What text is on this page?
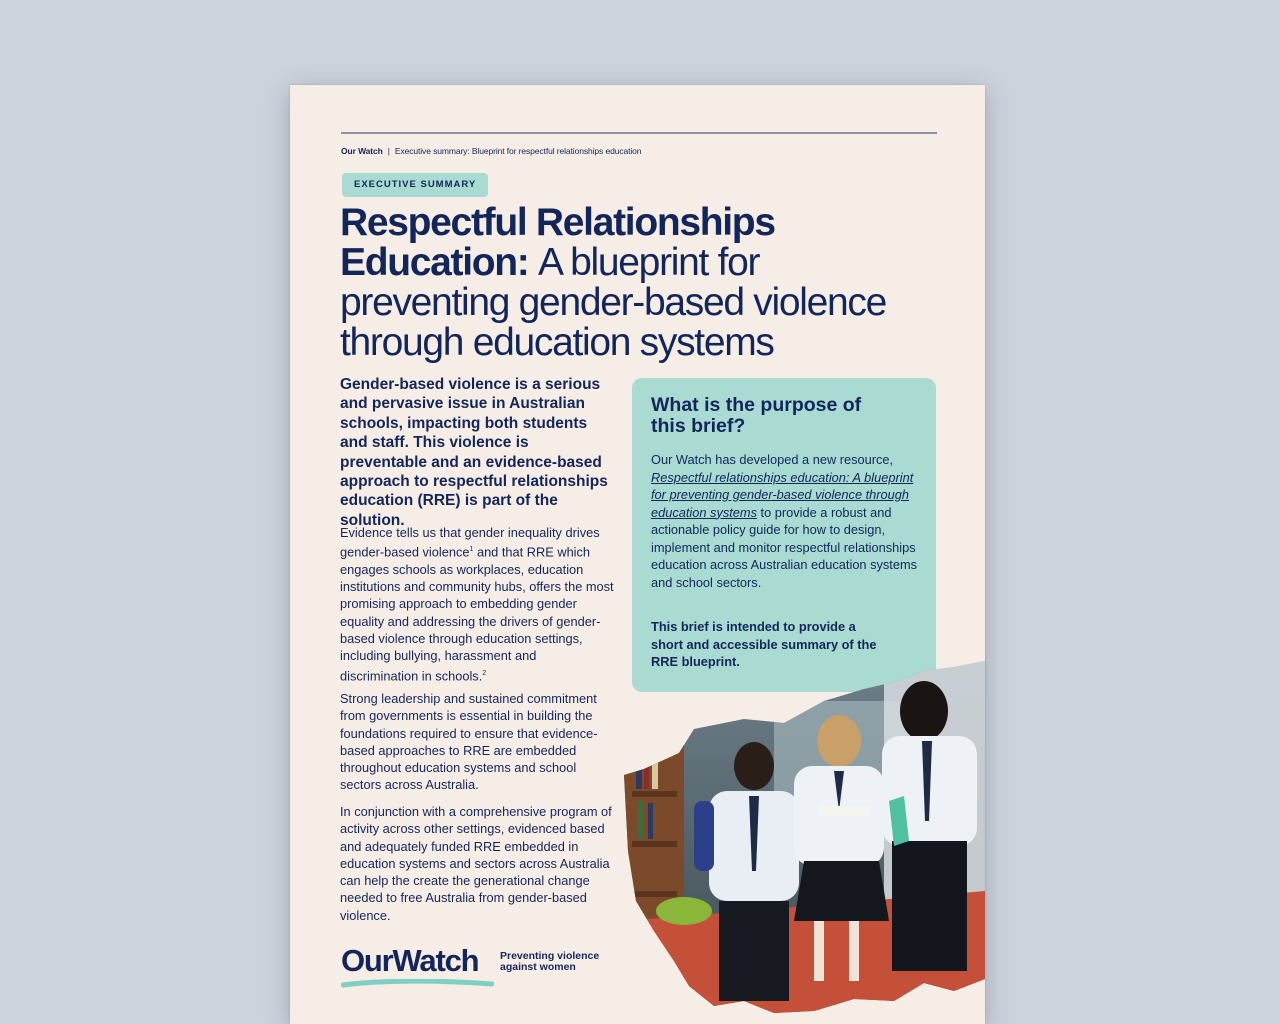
Our Watch | Executive summary: Blueprint for respectful relationships education
EXECUTIVE SUMMARY
Respectful Relationships
Education: A blueprint for
preventing gender-based violence
through education systems

Gender-based violence is a serious and pervasive issue in Australian schools, impacting both students and staff. This violence is preventable and an evidence-based approach to respectful relationships education (RRE) is part of the solution.

Evidence tells us that gender inequality drives gender-based violence$^1$ and that RRE which engages schools as workplaces, education institutions and community hubs, offers the most promising approach to embedding gender equality and addressing the drivers of gender-based violence through education settings, including bullying, harassment and discrimination in schools.$^2$

Strong leadership and sustained commitment from governments is essential in building the foundations required to ensure that evidence-based approaches to RRE are embedded throughout education systems and school sectors across Australia.

In conjunction with a comprehensive program of activity across other settings, evidenced based and adequately funded RRE embedded in education systems and sectors across Australia can help the create the generational change needed to free Australia from gender-based violence.

What is the purpose of this brief?

Our Watch has developed a new resource,
Respectful relationships education: A blueprint for preventing gender-based violence through education systems to provide a robust and actionable policy guide for how to design, implement and monitor respectful relationships education across Australian education systems and school sectors.

This brief is intended to provide a short and accessible summary of the RRE blueprint.

OurWatch Preventing violence against women
